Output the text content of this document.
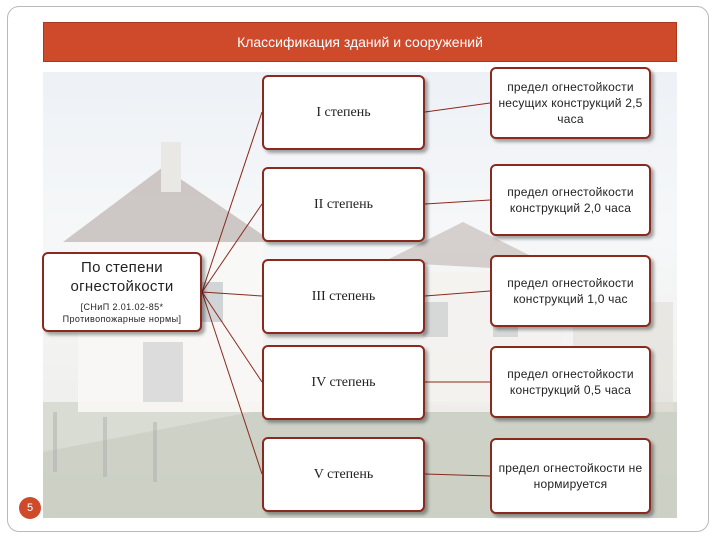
Классификация зданий и сооружений
По степени огнестойкости
[СНиП 2.01.02-85* Противопожарные нормы]
I степень
II степень
III степень
IV степень
V степень
предел огнестойкости несущих конструкций 2,5 часа
предел огнестойкости конструкций 2,0 часа
предел огнестойкости конструкций 1,0 час
предел огнестойкости конструкций 0,5 часа
предел огнестойкости не нормируется
5
